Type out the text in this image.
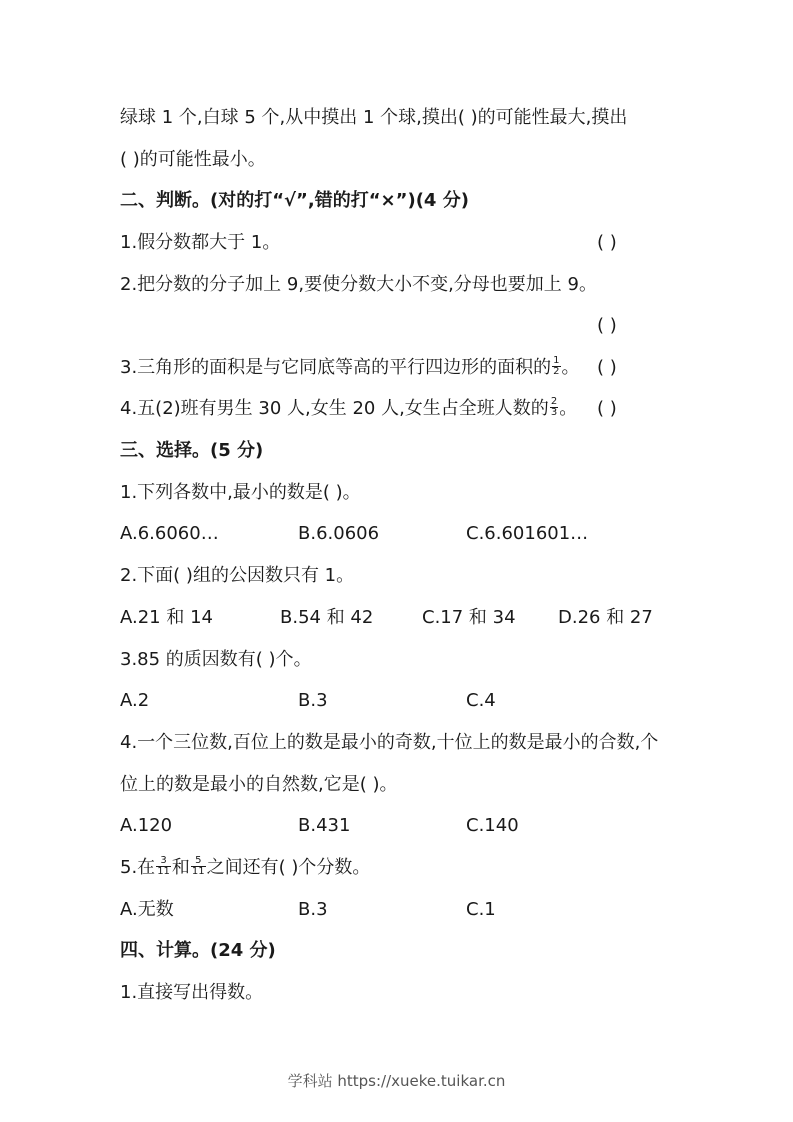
绿球 1 个,白球 5 个,从中摸出 1 个球,摸出( )的可能性最大,摸出
( )的可能性最小。
二、判断。(对的打“√”,错的打“×”)(4 分)
1.假分数都大于 1。	( )
2.把分数的分子加上 9,要使分数大小不变,分母也要加上 9。
( )
3.三角形的面积是与它同底等高的平行四边形的面积的 $\frac{1}{2}$ 。 ( )
4.五(2)班有男生 30 人,女生 20 人,女生占全班人数的 $\frac{2}{3}$ 。 ( )
三、选择。(5 分)
1.下列各数中,最小的数是( )。
A.6.6060…	B.6.0606	C.6.601601…
2.下面( )组的公因数只有 1。
A.21 和 14	B.54 和 42	C.17 和 34 D.26 和 27
3.85 的质因数有( )个。
A.2	B.3	C.4
4.一个三位数,百位上的数是最小的奇数,十位上的数是最小的合数,个
位上的数是最小的自然数,它是( )。
A.120	B.431	C.140
5.在 $\frac{3}{11}$ 和 $\frac{5}{11}$ 之间还有( )个分数。
A.无数	B.3	C.1
四、计算。(24 分)
1.直接写出得数。
学科站 https://xueke.tuikar.cn
